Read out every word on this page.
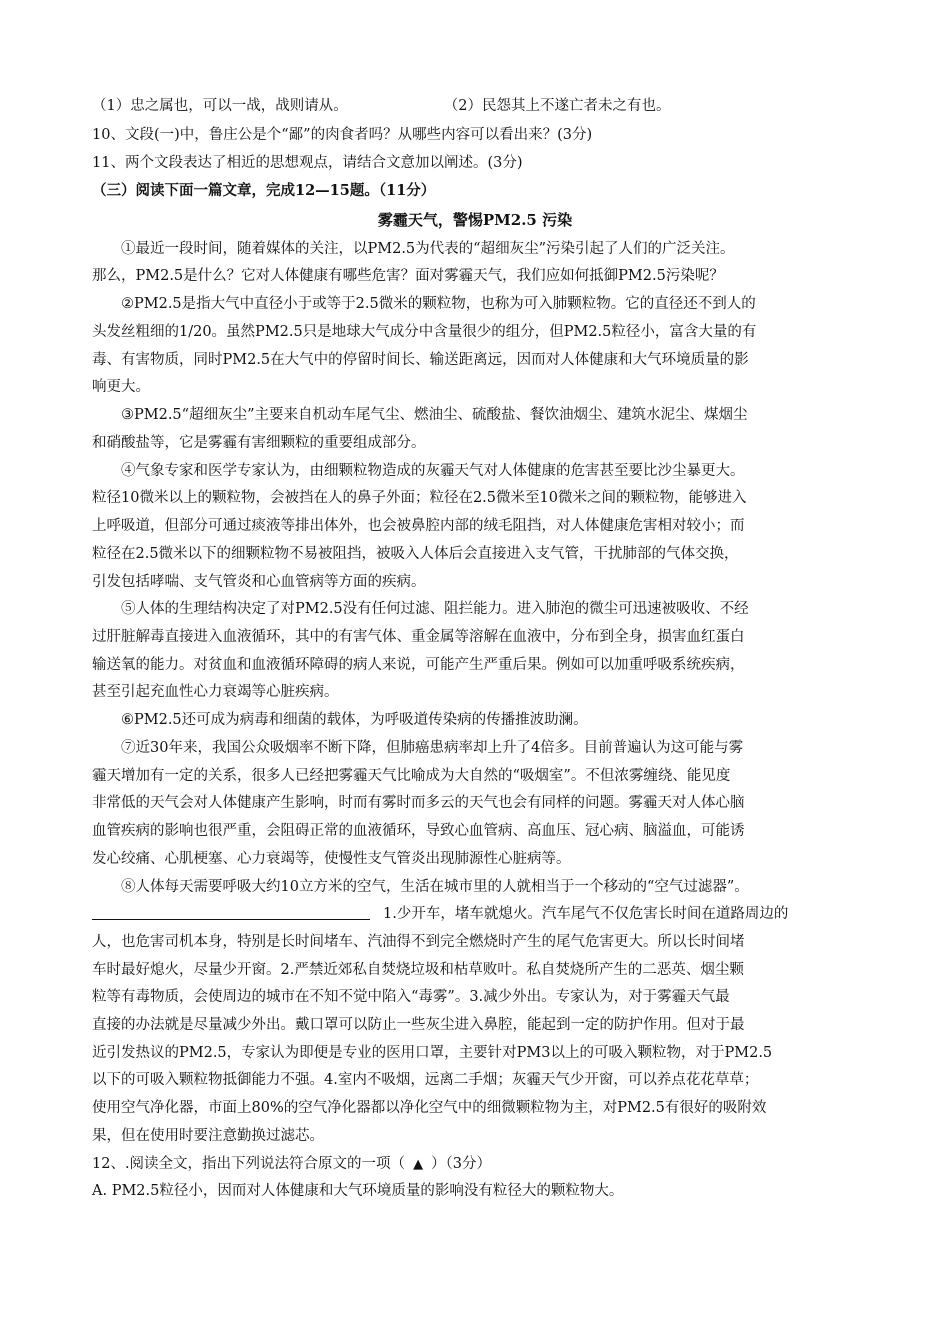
（1）忠之属也，可以一战，战则请从。	（2）民怨其上不遂亡者未之有也。
10、文段(一)中，鲁庄公是个“鄙”的肉食者吗？从哪些内容可以看出来？(3分)
11、两个文段表达了相近的思想观点，请结合文意加以阐述。(3分)
（三）阅读下面一篇文章，完成12—15题。（11分）
雾霾天气，警惕PM2.5 污染
①最近一段时间，随着媒体的关注，以PM2.5为代表的“超细灰尘”污染引起了人们的广泛关注。
那么，PM2.5是什么？它对人体健康有哪些危害？面对雾霾天气，我们应如何抵御PM2.5污染呢？
②PM2.5是指大气中直径小于或等于2.5微米的颗粒物，也称为可入肺颗粒物。它的直径还不到人的
头发丝粗细的1/20。虽然PM2.5只是地球大气成分中含量很少的组分，但PM2.5粒径小，富含大量的有
毒、有害物质，同时PM2.5在大气中的停留时间长、输送距离远，因而对人体健康和大气环境质量的影
响更大。
③PM2.5“超细灰尘”主要来自机动车尾气尘、燃油尘、硫酸盐、餐饮油烟尘、建筑水泥尘、煤烟尘
和硝酸盐等，它是雾霾有害细颗粒的重要组成部分。
④气象专家和医学专家认为，由细颗粒物造成的灰霾天气对人体健康的危害甚至要比沙尘暴更大。
粒径10微米以上的颗粒物，会被挡在人的鼻子外面；粒径在2.5微米至10微米之间的颗粒物，能够进入
上呼吸道，但部分可通过痰液等排出体外，也会被鼻腔内部的绒毛阻挡，对人体健康危害相对较小；而
粒径在2.5微米以下的细颗粒物不易被阻挡，被吸入人体后会直接进入支气管，干扰肺部的气体交换，
引发包括哮喘、支气管炎和心血管病等方面的疾病。
⑤人体的生理结构决定了对PM2.5没有任何过滤、阻拦能力。进入肺泡的微尘可迅速被吸收、不经
过肝脏解毒直接进入血液循环，其中的有害气体、重金属等溶解在血液中，分布到全身，损害血红蛋白
输送氧的能力。对贫血和血液循环障碍的病人来说，可能产生严重后果。例如可以加重呼吸系统疾病，
甚至引起充血性心力衰竭等心脏疾病。
⑥PM2.5还可成为病毒和细菌的载体，为呼吸道传染病的传播推波助澜。
⑦近30年来，我国公众吸烟率不断下降，但肺癌患病率却上升了4倍多。目前普遍认为这可能与雾
霾天增加有一定的关系，很多人已经把雾霾天气比喻成为大自然的“吸烟室”。不但浓雾缠绕、能见度
非常低的天气会对人体健康产生影响，时而有雾时而多云的天气也会有同样的问题。雾霾天对人体心脑
血管疾病的影响也很严重，会阻碍正常的血液循环，导致心血管病、高血压、冠心病、脑溢血，可能诱
发心绞痛、心肌梗塞、心力衰竭等，使慢性支气管炎出现肺源性心脏病等。
⑧人体每天需要呼吸大约10立方米的空气，生活在城市里的人就相当于一个移动的“空气过滤器”。
1.少开车，堵车就熄火。汽车尾气不仅危害长时间在道路周边的
人，也危害司机本身，特别是长时间堵车、汽油得不到完全燃烧时产生的尾气危害更大。所以长时间堵
车时最好熄火，尽量少开窗。2.严禁近郊私自焚烧垃圾和枯草败叶。私自焚烧所产生的二恶英、烟尘颗
粒等有毒物质，会使周边的城市在不知不觉中陷入“毒雾”。3.减少外出。专家认为，对于雾霾天气最
直接的办法就是尽量减少外出。戴口罩可以防止一些灰尘进入鼻腔，能起到一定的防护作用。但对于最
近引发热议的PM2.5，专家认为即便是专业的医用口罩，主要针对PM3以上的可吸入颗粒物，对于PM2.5
以下的可吸入颗粒物抵御能力不强。4.室内不吸烟，远离二手烟；灰霾天气少开窗，可以养点花花草草；
使用空气净化器，市面上80%的空气净化器都以净化空气中的细微颗粒物为主，对PM2.5有很好的吸附效
果，但在使用时要注意勤换过滤芯。
12、.阅读全文，指出下列说法符合原文的一项（ ▲ ）（3分）
A. PM2.5粒径小，因而对人体健康和大气环境质量的影响没有粒径大的颗粒物大。
